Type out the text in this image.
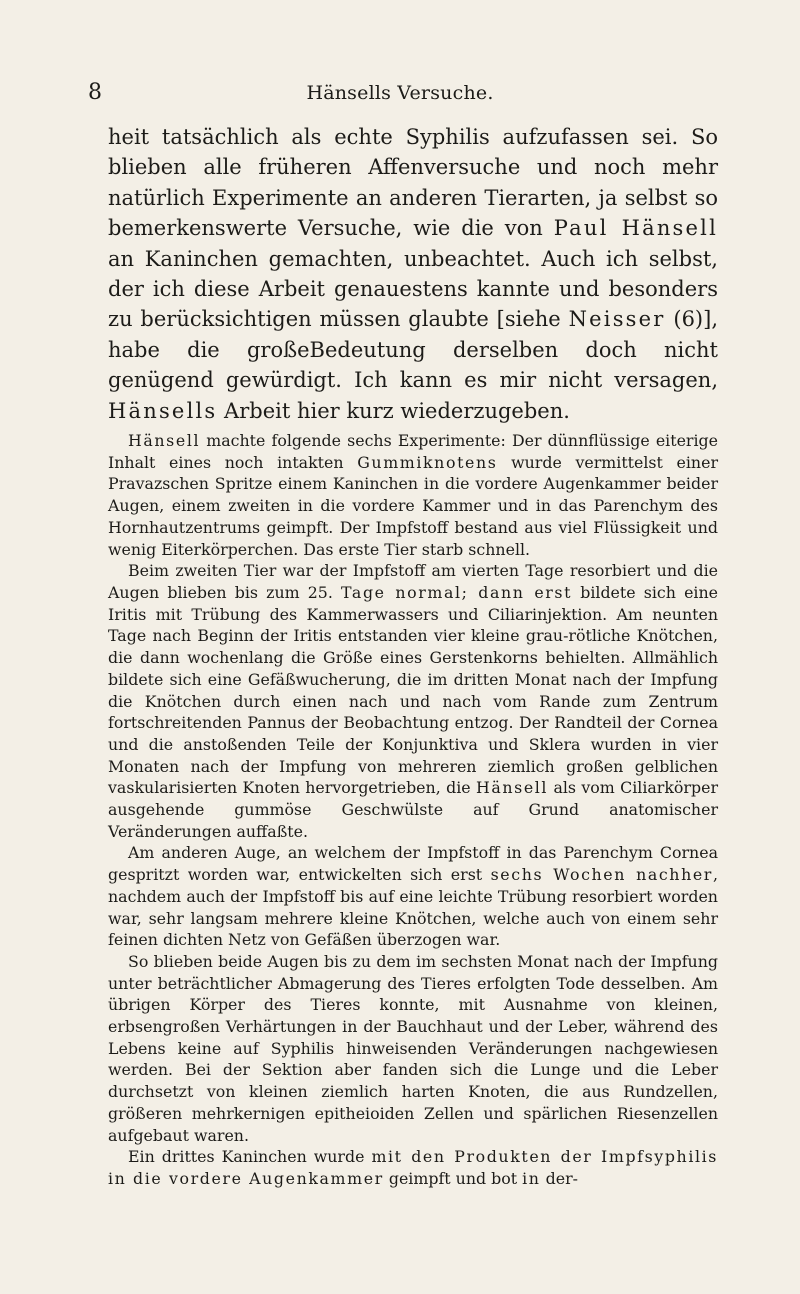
8	Hänsells Versuche.

heit tatsächlich als echte Syphilis aufzufassen sei. So blieben alle früheren Affenversuche und noch mehr natürlich Experimente an anderen Tierarten, ja selbst so bemerkenswerte Versuche, wie die von Paul Hänsell an Kaninchen gemachten, unbeachtet. Auch ich selbst, der ich diese Arbeit genauestens kannte und besonders zu berücksichtigen müssen glaubte [siehe Neisser (6)], habe die großeBedeutung derselben doch nicht genügend gewürdigt. Ich kann es mir nicht versagen, Hänsells Arbeit hier kurz wiederzugeben.

Hänsell machte folgende sechs Experimente: Der dünnflüssige eiterige Inhalt eines noch intakten Gummiknotens wurde vermittelst einer Pravazschen Spritze einem Kaninchen in die vordere Augenkammer beider Augen, einem zweiten in die vordere Kammer und in das Parenchym des Hornhautzentrums geimpft. Der Impfstoff bestand aus viel Flüssigkeit und wenig Eiterkörperchen. Das erste Tier starb schnell.

Beim zweiten Tier war der Impfstoff am vierten Tage resorbiert und die Augen blieben bis zum 25. Tage normal; dann erst bildete sich eine Iritis mit Trübung des Kammerwassers und Ciliarinjektion. Am neunten Tage nach Beginn der Iritis entstanden vier kleine grau-rötliche Knötchen, die dann wochenlang die Größe eines Gerstenkorns behielten. Allmählich bildete sich eine Gefäßwucherung, die im dritten Monat nach der Impfung die Knötchen durch einen nach und nach vom Rande zum Zentrum fortschreitenden Pannus der Beobachtung entzog. Der Randteil der Cornea und die anstoßenden Teile der Konjunktiva und Sklera wurden in vier Monaten nach der Impfung von mehreren ziemlich großen gelblichen vaskularisierten Knoten hervorgetrieben, die Hänsell als vom Ciliarkörper ausgehende gummöse Geschwülste auf Grund anatomischer Veränderungen auffaßte.

Am anderen Auge, an welchem der Impfstoff in das Parenchym Cornea gespritzt worden war, entwickelten sich erst sechs Wochen nachher, nachdem auch der Impfstoff bis auf eine leichte Trübung resorbiert worden war, sehr langsam mehrere kleine Knötchen, welche auch von einem sehr feinen dichten Netz von Gefäßen überzogen war.

So blieben beide Augen bis zu dem im sechsten Monat nach der Impfung unter beträchtlicher Abmagerung des Tieres erfolgten Tode desselben. Am übrigen Körper des Tieres konnte, mit Ausnahme von kleinen, erbsengroßen Verhärtungen in der Bauchhaut und der Leber, während des Lebens keine auf Syphilis hinweisenden Veränderungen nachgewiesen werden. Bei der Sektion aber fanden sich die Lunge und die Leber durchsetzt von kleinen ziemlich harten Knoten, die aus Rundzellen, größeren mehrkernigen epitheioiden Zellen und spärlichen Riesenzellen aufgebaut waren.

Ein drittes Kaninchen wurde mit den Produkten der Impfsyphilis in die vordere Augenkammer geimpft und bot in der-
